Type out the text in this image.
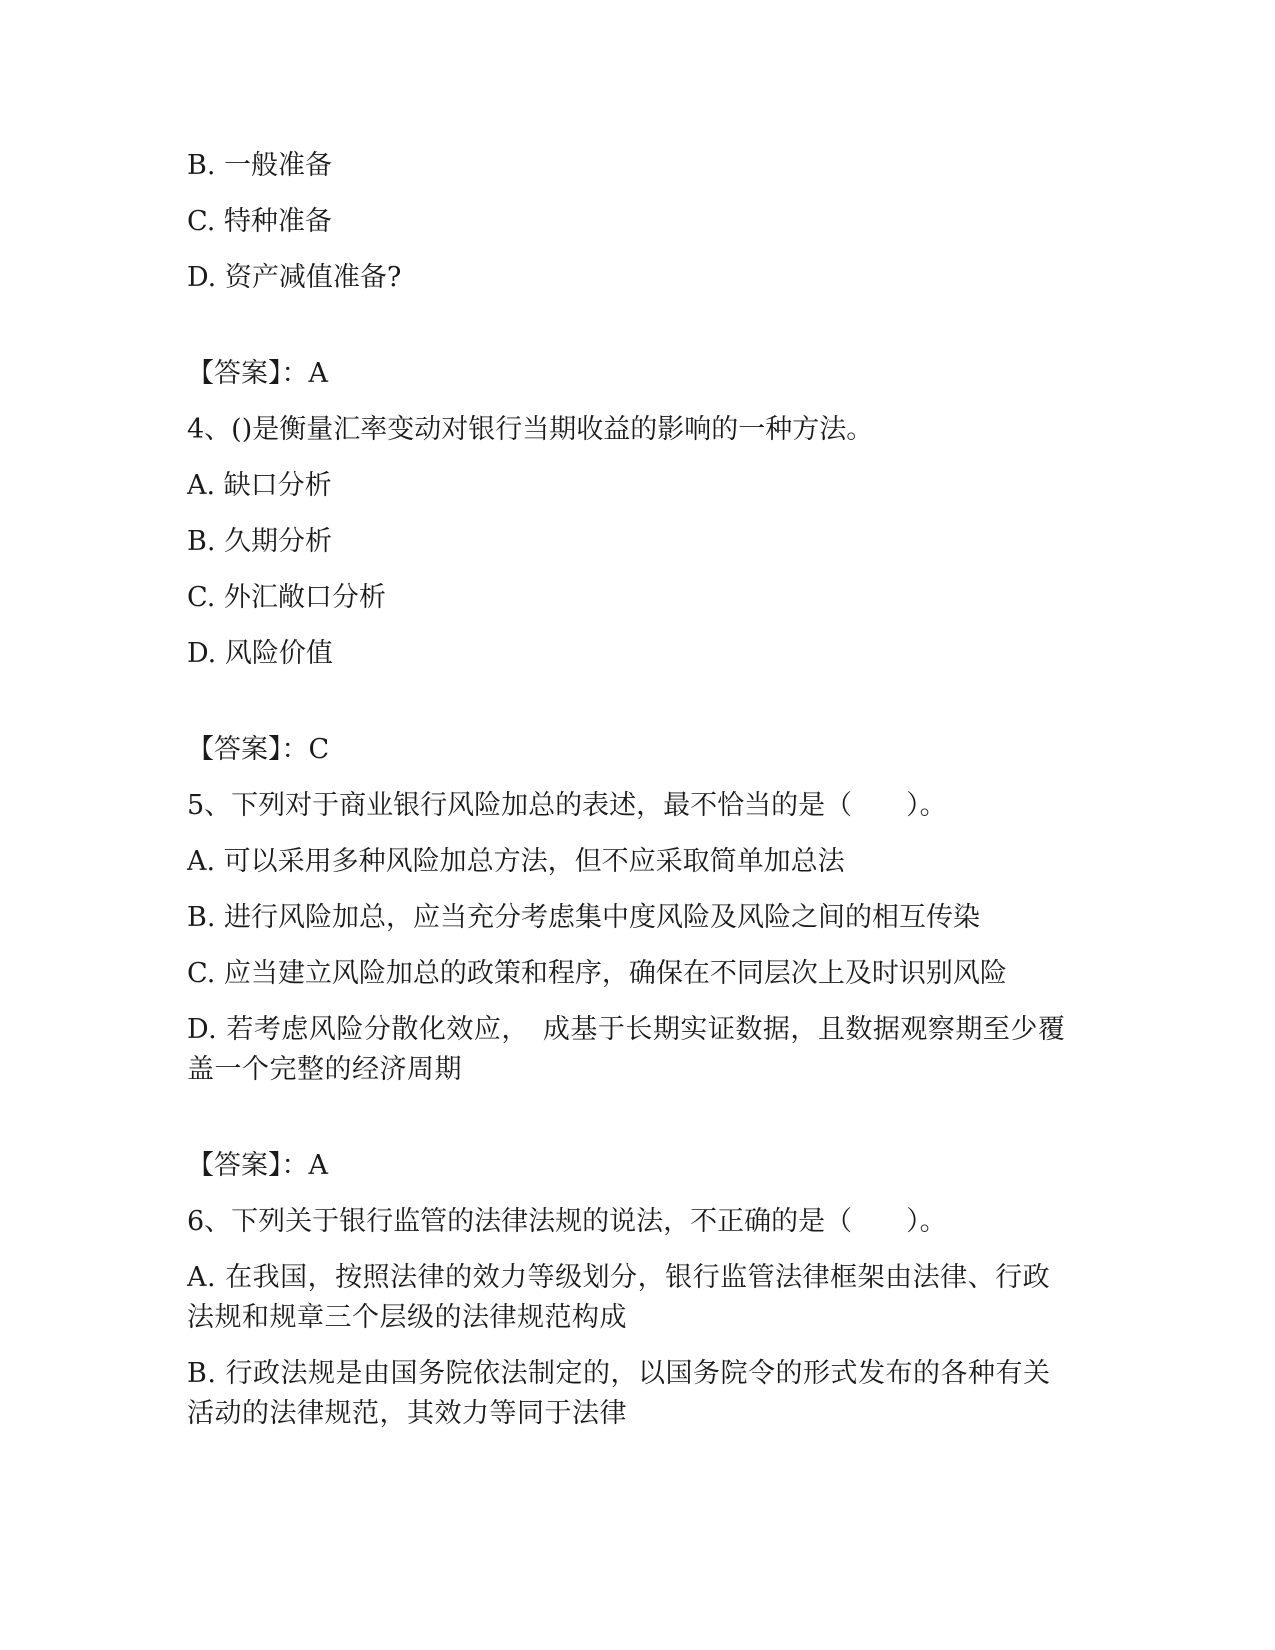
B. 一般准备
C. 特种准备
D. 资产减值准备?
【答案】：A
4、()是衡量汇率变动对银行当期收益的影响的一种方法。
A. 缺口分析
B. 久期分析
C. 外汇敞口分析
D. 风险价值
【答案】：C
5、下列对于商业银行风险加总的表述，最不恰当的是（　　）。
A. 可以采用多种风险加总方法，但不应采取简单加总法
B. 进行风险加总，应当充分考虑集中度风险及风险之间的相互传染
C. 应当建立风险加总的政策和程序，确保在不同层次上及时识别风险
D. 若考虑风险分散化效应，　成基于长期实证数据，且数据观察期至少覆盖一个完整的经济周期
【答案】：A
6、下列关于银行监管的法律法规的说法，不正确的是（　　）。
A. 在我国，按照法律的效力等级划分，银行监管法律框架由法律、行政法规和规章三个层级的法律规范构成
B. 行政法规是由国务院依法制定的，以国务院令的形式发布的各种有关活动的法律规范，其效力等同于法律
